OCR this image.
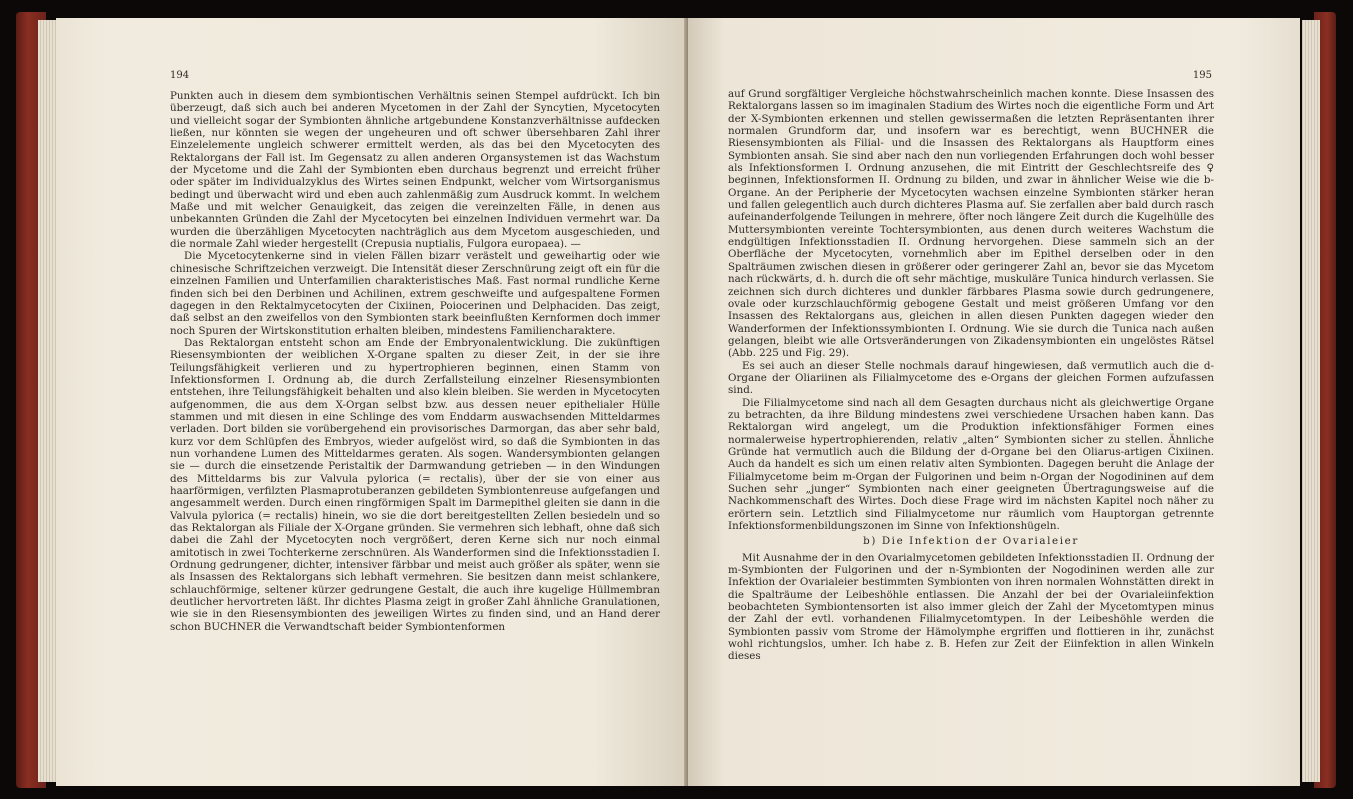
194

Punkten auch in diesem dem symbiontischen Verhältnis seinen Stempel aufdrückt. Ich bin überzeugt, daß sich auch bei anderen Mycetomen in der Zahl der Syncytien, Mycetocyten und vielleicht sogar der Symbionten ähnliche artgebundene Konstanzverhältnisse aufdecken ließen, nur könnten sie wegen der ungeheuren und oft schwer übersehbaren Zahl ihrer Einzelelemente ungleich schwerer ermittelt werden, als das bei den Mycetocyten des Rektalorgans der Fall ist. Im Gegensatz zu allen anderen Organsystemen ist das Wachstum der Mycetome und die Zahl der Symbionten eben durchaus begrenzt und erreicht früher oder später im Individualzyklus des Wirtes seinen Endpunkt, welcher vom Wirtsorganismus bedingt und überwacht wird und eben auch zahlenmäßig zum Ausdruck kommt. In welchem Maße und mit welcher Genauigkeit, das zeigen die vereinzelten Fälle, in denen aus unbekannten Gründen die Zahl der Mycetocyten bei einzelnen Individuen vermehrt war. Da wurden die überzähligen Mycetocyten nachträglich aus dem Mycetom ausgeschieden, und die normale Zahl wieder hergestellt (Crepusia nuptialis, Fulgora europaea). —

Die Mycetocytenkerne sind in vielen Fällen bizarr verästelt und geweihartig oder wie chinesische Schriftzeichen verzweigt. Die Intensität dieser Zerschnürung zeigt oft ein für die einzelnen Familien und Unterfamilien charakteristisches Maß. Fast normal rundliche Kerne finden sich bei den Derbinen und Achilinen, extrem geschweifte und aufgespaltene Formen dagegen in den Rektalmycetocyten der Cixiinen, Poiocerinen und Delphaciden. Das zeigt, daß selbst an den zweifellos von den Symbionten stark beeinflußten Kernformen doch immer noch Spuren der Wirtskonstitution erhalten bleiben, mindestens Familiencharaktere.

Das Rektalorgan entsteht schon am Ende der Embryonalentwicklung. Die zukünftigen Riesensymbionten der weiblichen X-Organe spalten zu dieser Zeit, in der sie ihre Teilungsfähigkeit verlieren und zu hypertrophieren beginnen, einen Stamm von Infektionsformen I. Ordnung ab, die durch Zerfallsteilung einzelner Riesensymbionten entstehen, ihre Teilungsfähigkeit behalten und also klein bleiben. Sie werden in Mycetocyten aufgenommen, die aus dem X-Organ selbst bzw. aus dessen neuer epithelialer Hülle stammen und mit diesen in eine Schlinge des vom Enddarm auswachsenden Mitteldarmes verladen. Dort bilden sie vorübergehend ein provisorisches Darmorgan, das aber sehr bald, kurz vor dem Schlüpfen des Embryos, wieder aufgelöst wird, so daß die Symbionten in das nun vorhandene Lumen des Mitteldarmes geraten. Als sogen. Wandersymbionten gelangen sie — durch die einsetzende Peristaltik der Darmwandung getrieben — in den Windungen des Mitteldarms bis zur Valvula pylorica (= rectalis), über der sie von einer aus haarförmigen, verfilzten Plasmaprotuberanzen gebildeten Symbiontenreuse aufgefangen und angesammelt werden. Durch einen ringförmigen Spalt im Darmepithel gleiten sie dann in die Valvula pylorica (= rectalis) hinein, wo sie die dort bereitgestellten Zellen besiedeln und so das Rektalorgan als Filiale der X-Organe gründen. Sie vermehren sich lebhaft, ohne daß sich dabei die Zahl der Mycetocyten noch vergrößert, deren Kerne sich nur noch einmal amitotisch in zwei Tochterkerne zerschnüren. Als Wanderformen sind die Infektionsstadien I. Ordnung gedrungener, dichter, intensiver färbbar und meist auch größer als später, wenn sie als Insassen des Rektalorgans sich lebhaft vermehren. Sie besitzen dann meist schlankere, schlauchförmige, seltener kürzer gedrungene Gestalt, die auch ihre kugelige Hüllmembran deutlicher hervortreten läßt. Ihr dichtes Plasma zeigt in großer Zahl ähnliche Granulationen, wie sie in den Riesensymbionten des jeweiligen Wirtes zu finden sind, und an Hand derer schon BUCHNER die Verwandtschaft beider Symbiontenformen

195

auf Grund sorgfältiger Vergleiche höchstwahrscheinlich machen konnte. Diese Insassen des Rektalorgans lassen so im imaginalen Stadium des Wirtes noch die eigentliche Form und Art der X-Symbionten erkennen und stellen gewissermaßen die letzten Repräsentanten ihrer normalen Grundform dar, und insofern war es berechtigt, wenn BUCHNER die Riesensymbionten als Filial- und die Insassen des Rektalorgans als Hauptform eines Symbionten ansah. Sie sind aber nach den nun vorliegenden Erfahrungen doch wohl besser als Infektionsformen I. Ordnung anzusehen, die mit Eintritt der Geschlechtsreife des ♀ beginnen, Infektionsformen II. Ordnung zu bilden, und zwar in ähnlicher Weise wie die b-Organe. An der Peripherie der Mycetocyten wachsen einzelne Symbionten stärker heran und fallen gelegentlich auch durch dichteres Plasma auf. Sie zerfallen aber bald durch rasch aufeinanderfolgende Teilungen in mehrere, öfter noch längere Zeit durch die Kugelhülle des Muttersymbionten vereinte Tochtersymbionten, aus denen durch weiteres Wachstum die endgültigen Infektionsstadien II. Ordnung hervorgehen. Diese sammeln sich an der Oberfläche der Mycetocyten, vornehmlich aber im Epithel derselben oder in den Spalträumen zwischen diesen in größerer oder geringerer Zahl an, bevor sie das Mycetom nach rückwärts, d. h. durch die oft sehr mächtige, muskuläre Tunica hindurch verlassen. Sie zeichnen sich durch dichteres und dunkler färbbares Plasma sowie durch gedrungenere, ovale oder kurzschlauchförmig gebogene Gestalt und meist größeren Umfang vor den Insassen des Rektalorgans aus, gleichen in allen diesen Punkten dagegen wieder den Wanderformen der Infektionssymbionten I. Ordnung. Wie sie durch die Tunica nach außen gelangen, bleibt wie alle Ortsveränderungen von Zikadensymbionten ein ungelöstes Rätsel (Abb. 225 und Fig. 29).

Es sei auch an dieser Stelle nochmals darauf hingewiesen, daß vermutlich auch die d-Organe der Oliariinen als Filialmycetome des e-Organs der gleichen Formen aufzufassen sind.

Die Filialmycetome sind nach all dem Gesagten durchaus nicht als gleichwertige Organe zu betrachten, da ihre Bildung mindestens zwei verschiedene Ursachen haben kann. Das Rektalorgan wird angelegt, um die Produktion infektionsfähiger Formen eines normalerweise hypertrophierenden, relativ „alten“ Symbionten sicher zu stellen. Ähnliche Gründe hat vermutlich auch die Bildung der d-Organe bei den Oliarus-artigen Cixiinen. Auch da handelt es sich um einen relativ alten Symbionten. Dagegen beruht die Anlage der Filialmycetome beim m-Organ der Fulgorinen und beim n-Organ der Nogodininen auf dem Suchen sehr „junger“ Symbionten nach einer geeigneten Übertragungsweise auf die Nachkommenschaft des Wirtes. Doch diese Frage wird im nächsten Kapitel noch näher zu erörtern sein. Letztlich sind Filialmycetome nur räumlich vom Hauptorgan getrennte Infektionsformenbildungszonen im Sinne von Infektionshügeln.

b) Die Infektion der Ovarialeier

Mit Ausnahme der in den Ovarialmycetomen gebildeten Infektionsstadien II. Ordnung der m-Symbionten der Fulgorinen und der n-Symbionten der Nogodininen werden alle zur Infektion der Ovarialeier bestimmten Symbionten von ihren normalen Wohnstätten direkt in die Spalträume der Leibeshöhle entlassen. Die Anzahl der bei der Ovarialeiinfektion beobachteten Symbiontensorten ist also immer gleich der Zahl der Mycetomtypen minus der Zahl der evtl. vorhandenen Filialmycetomtypen. In der Leibeshöhle werden die Symbionten passiv vom Strome der Hämolymphe ergriffen und flottieren in ihr, zunächst wohl richtungslos, umher. Ich habe z. B. Hefen zur Zeit der Eiinfektion in allen Winkeln dieses
